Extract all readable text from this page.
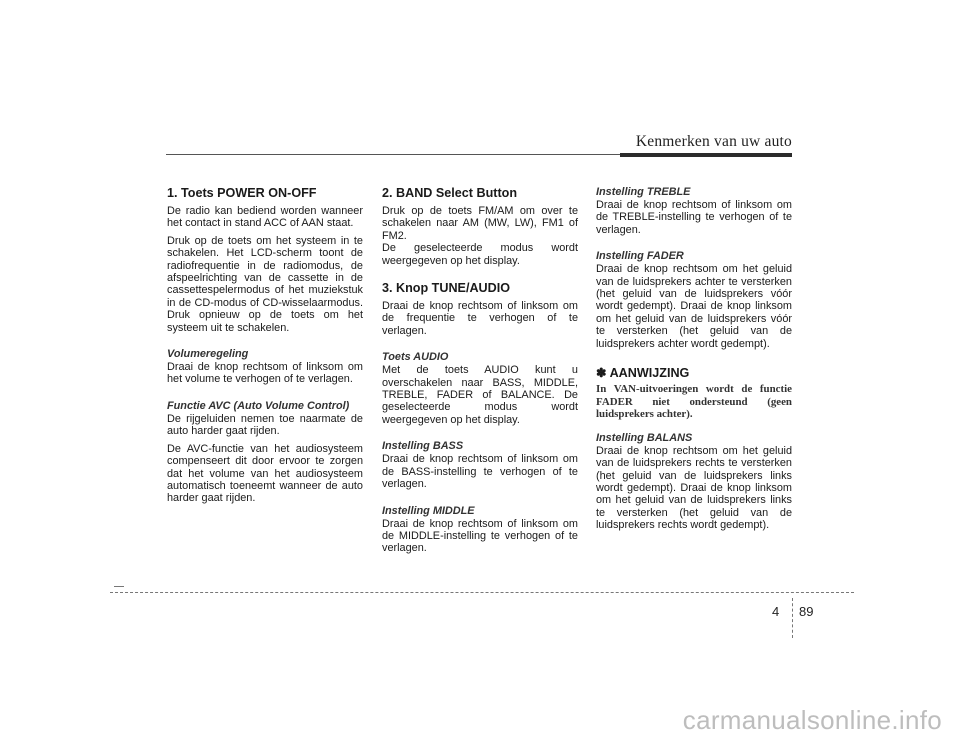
Kenmerken van uw auto
1. Toets POWER ON-OFF

De radio kan bediend worden wanneer het contact in stand ACC of AAN staat.

Druk op de toets om het systeem in te schakelen. Het LCD-scherm toont de radiofrequentie in de radiomodus, de afspeelrichting van de cassette in de cassettespelermodus of het muziekstuk in de CD-modus of CD-wisselaarmodus. Druk opnieuw op de toets om het systeem uit te schakelen.

Volumeregeling

Draai de knop rechtsom of linksom om het volume te verhogen of te verlagen.

Functie AVC (Auto Volume Control)

De rijgeluiden nemen toe naarmate de auto harder gaat rijden.

De AVC-functie van het audiosysteem compenseert dit door ervoor te zorgen dat het volume van het audiosysteem automatisch toeneemt wanneer de auto harder gaat rijden.

2. BAND Select Button

Druk op de toets FM/AM om over te schakelen naar AM (MW, LW), FM1 of FM2.

De geselecteerde modus wordt weergegeven op het display.

3. Knop TUNE/AUDIO

Draai de knop rechtsom of linksom om de frequentie te verhogen of te verlagen.

Toets AUDIO

Met de toets AUDIO kunt u overschakelen naar BASS, MIDDLE, TREBLE, FADER of BALANCE. De geselecteerde modus wordt weergegeven op het display.

Instelling BASS

Draai de knop rechtsom of linksom om de BASS-instelling te verhogen of te verlagen.

Instelling MIDDLE

Draai de knop rechtsom of linksom om de MIDDLE-instelling te verhogen of te verlagen.

Instelling TREBLE

Draai de knop rechtsom of linksom om de TREBLE-instelling te verhogen of te verlagen.

Instelling FADER

Draai de knop rechtsom om het geluid van de luidsprekers achter te versterken (het geluid van de luidsprekers vóór wordt gedempt). Draai de knop linksom om het geluid van de luidsprekers vóór te versterken (het geluid van de luidsprekers achter wordt gedempt).

✽ AANWIJZING

In VAN-uitvoeringen wordt de functie FADER niet ondersteund (geen luidsprekers achter).

Instelling BALANS

Draai de knop rechtsom om het geluid van de luidsprekers rechts te versterken (het geluid van de luidsprekers links wordt gedempt). Draai de knop linksom om het geluid van de luidsprekers links te versterken (het geluid van de luidsprekers rechts wordt gedempt).

4 89
carmanualsonline.info
